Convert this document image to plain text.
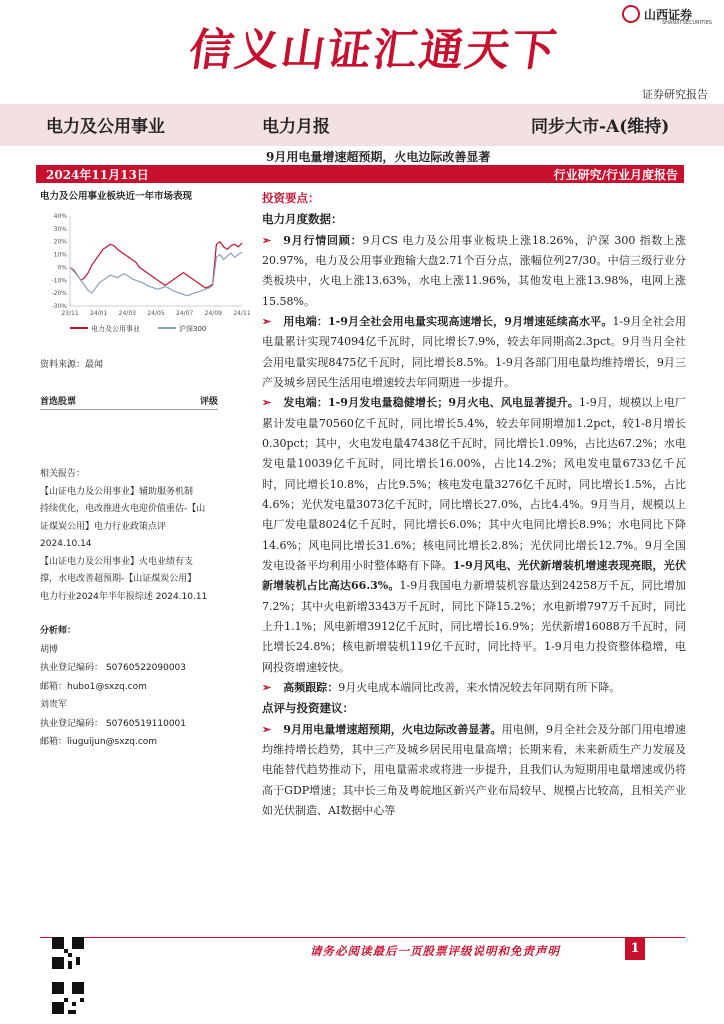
信义山证汇通天下
山西证券
SHANXI SECURITIES
证券研究报告
电力及公用事业	电力月报	同步大市-A(维持)
9月用电量增速超预期，火电边际改善显著
2024年11月13日	行业研究/行业月度报告
电力及公用事业板块近一年市场表现
40%
30%
20%
10%
0%
-10%
-20%
-30%
23/11 24/01 24/03 24/05 24/07 24/09 24/11
电力及公用事业	沪深300
资料来源：最闻
首选股票	评级

相关报告：

【山证电力及公用事业】辅助服务机制

持续优化，电改推进火电迎价值重估-【山

证煤炭公用】电力行业政策点评

2024.10.14

【山证电力及公用事业】火电业绩有支

撑，水电改善超预期-【山证煤炭公用】

电力行业2024年半年报综述 2024.10.11

分析师：

胡博

执业登记编码： S0760522090003

邮箱：hubo1@sxzq.com

刘贵军

执业登记编码： S0760519110001

邮箱：liuguijun@sxzq.com

投资要点：
电力月度数据：

➢ 9月行情回顾：9月CS 电力及公用事业板块上涨18.26%，沪深 300 指数上涨20.97%，电力及公用事业跑输大盘2.71个百分点，涨幅位列27/30。中信三级行业分类板块中，火电上涨13.63%，水电上涨11.96%，其他发电上涨13.98%，电网上涨15.58%。

➢ 用电端：1-9月全社会用电量实现高速增长，9月增速延续高水平。1-9月全社会用电量累计实现74094亿千瓦时，同比增长7.9%，较去年同期高2.3pct。9月当月全社会用电量实现8475亿千瓦时，同比增长8.5%。1-9月各部门用电量均维持增长，9月三产及城乡居民生活用电增速较去年同期进一步提升。

➢ 发电端：1-9月发电量稳健增长；9月火电、风电显著提升。1-9月，规模以上电厂累计发电量70560亿千瓦时，同比增长5.4%，较去年同期增加1.2pct，较1-8月增长0.30pct；其中，火电发电量47438亿千瓦时，同比增长1.09%，占比达67.2%；水电发电量10039亿千瓦时，同比增长16.00%，占比14.2%；风电发电量6733亿千瓦时，同比增长10.8%，占比9.5%；核电发电量3276亿千瓦时，同比增长1.5%，占比4.6%；光伏发电量3073亿千瓦时，同比增长27.0%，占比4.4%。9月当月，规模以上电厂发电量8024亿千瓦时，同比增长6.0%；其中火电同比增长8.9%；水电同比下降14.6%；风电同比增长31.6%；核电同比增长2.8%；光伏同比增长12.7%。9月全国发电设备平均利用小时整体略有下降。1-9月风电、光伏新增装机增速表现亮眼，光伏新增装机占比高达66.3%。1-9月我国电力新增装机容量达到24258万千瓦，同比增加7.2%；其中火电新增3343万千瓦时，同比下降15.2%；水电新增797万千瓦时，同比上升1.1%；风电新增3912亿千瓦时，同比增长16.9%；光伏新增16088万千瓦时，同比增长24.8%；核电新增装机119亿千瓦时，同比持平。1-9月电力投资整体稳增，电网投资增速较快。

➢ 高频跟踪：9月火电成本端同比改善，来水情况较去年同期有所下降。

点评与投资建议：

➢ 9月用电量增速超预期，火电边际改善显著。用电侧，9月全社会及分部门用电增速均维持增长趋势，其中三产及城乡居民用电量高增；长期来看，未来新质生产力发展及电能替代趋势推动下，用电量需求或将进一步提升，且我们认为短期用电量增速或仍将高于GDP增速；其中长三角及粤皖地区新兴产业布局较早、规模占比较高，且相关产业如光伏制造、AI数据中心等

请务必阅读最后一页股票评级说明和免责声明	1
